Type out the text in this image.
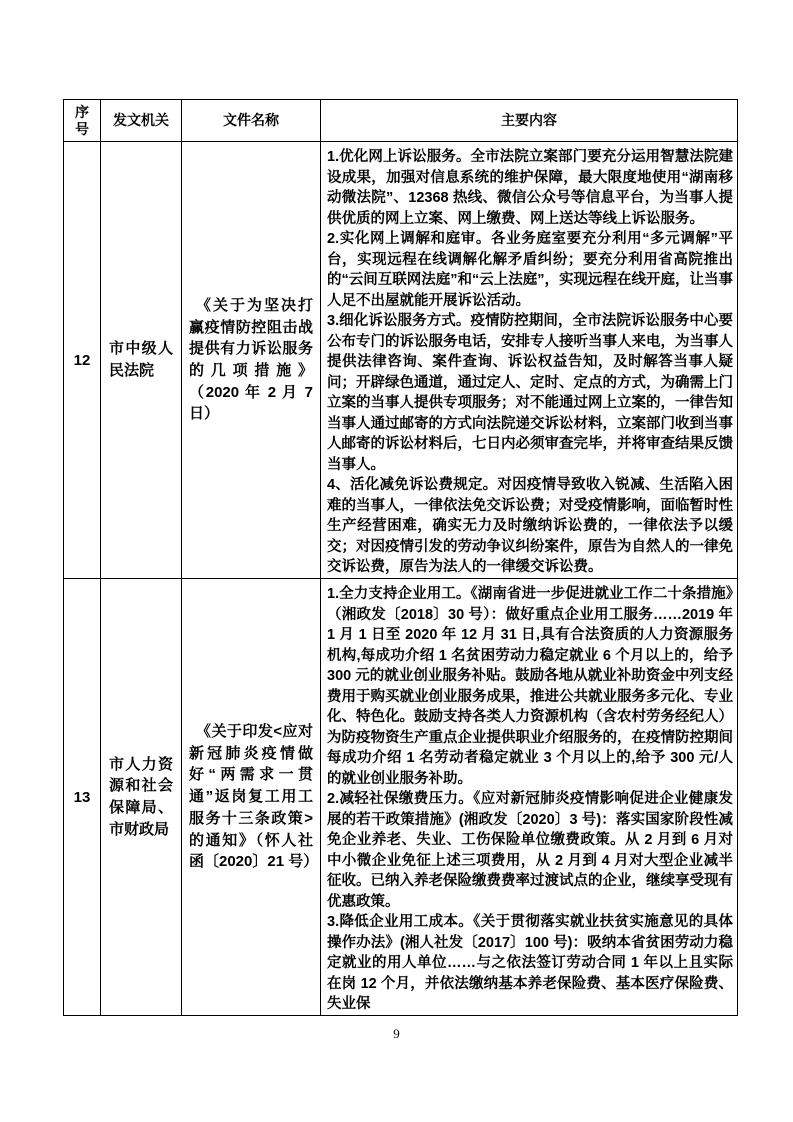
序号	发文机关	文件名称	主要内容
12	市中级人民法院	《关于为坚决打赢疫情防控阻击战提供有力诉讼服务的几项措施》（2020 年 2 月 7 日）	1.优化网上诉讼服务。全市法院立案部门要充分运用智慧法院建设成果，加强对信息系统的维护保障，最大限度地使用“湖南移动微法院”、12368 热线、微信公众号等信息平台，为当事人提供优质的网上立案、网上缴费、网上送达等线上诉讼服务。

2.实化网上调解和庭审。各业务庭室要充分利用“多元调解”平台，实现远程在线调解化解矛盾纠纷；要充分利用省高院推出的“云间互联网法庭”和“云上法庭”，实现远程在线开庭，让当事人足不出屋就能开展诉讼活动。

3.细化诉讼服务方式。疫情防控期间，全市法院诉讼服务中心要公布专门的诉讼服务电话，安排专人接听当事人来电，为当事人提供法律咨询、案件查询、诉讼权益告知，及时解答当事人疑问；开辟绿色通道，通过定人、定时、定点的方式，为确需上门立案的当事人提供专项服务；对不能通过网上立案的，一律告知当事人通过邮寄的方式向法院递交诉讼材料，立案部门收到当事人邮寄的诉讼材料后，七日内必须审查完毕，并将审查结果反馈当事人。

4、活化减免诉讼费规定。对因疫情导致收入锐减、生活陷入困难的当事人，一律依法免交诉讼费；对受疫情影响，面临暂时性生产经营困难，确实无力及时缴纳诉讼费的，一律依法予以缓交；对因疫情引发的劳动争议纠纷案件，原告为自然人的一律免交诉讼费，原告为法人的一律缓交诉讼费。

13	市人力资源和社会保障局、市财政局	《关于印发<应对新冠肺炎疫情做好“两需求一贯通”返岗复工用工服务十三条政策>的通知》（怀人社函〔2020〕21 号）	1.全力支持企业用工。《湖南省进一步促进就业工作二十条措施》（湘政发〔2018〕30 号）：做好重点企业用工服务……2019 年 1 月 1 日至 2020 年 12 月 31 日,具有合法资质的人力资源服务机构,每成功介绍 1 名贫困劳动力稳定就业 6 个月以上的，给予 300 元的就业创业服务补贴。鼓励各地从就业补助资金中列支经费用于购买就业创业服务成果，推进公共就业服务多元化、专业化、特色化。鼓励支持各类人力资源机构（含农村劳务经纪人）为防疫物资生产重点企业提供职业介绍服务的，在疫情防控期间每成功介绍 1 名劳动者稳定就业 3 个月以上的,给予 300 元/人的就业创业服务补助。

2.减轻社保缴费压力。《应对新冠肺炎疫情影响促进企业健康发展的若干政策措施》(湘政发〔2020〕3 号)：落实国家阶段性减免企业养老、失业、工伤保险单位缴费政策。从 2 月到 6 月对中小微企业免征上述三项费用，从 2 月到 4 月对大型企业减半征收。已纳入养老保险缴费费率过渡试点的企业，继续享受现有优惠政策。

3.降低企业用工成本。《关于贯彻落实就业扶贫实施意见的具体操作办法》(湘人社发〔2017〕100 号)：吸纳本省贫困劳动力稳定就业的用人单位……与之依法签订劳动合同 1 年以上且实际在岗 12 个月，并依法缴纳基本养老保险费、基本医疗保险费、失业保

9
